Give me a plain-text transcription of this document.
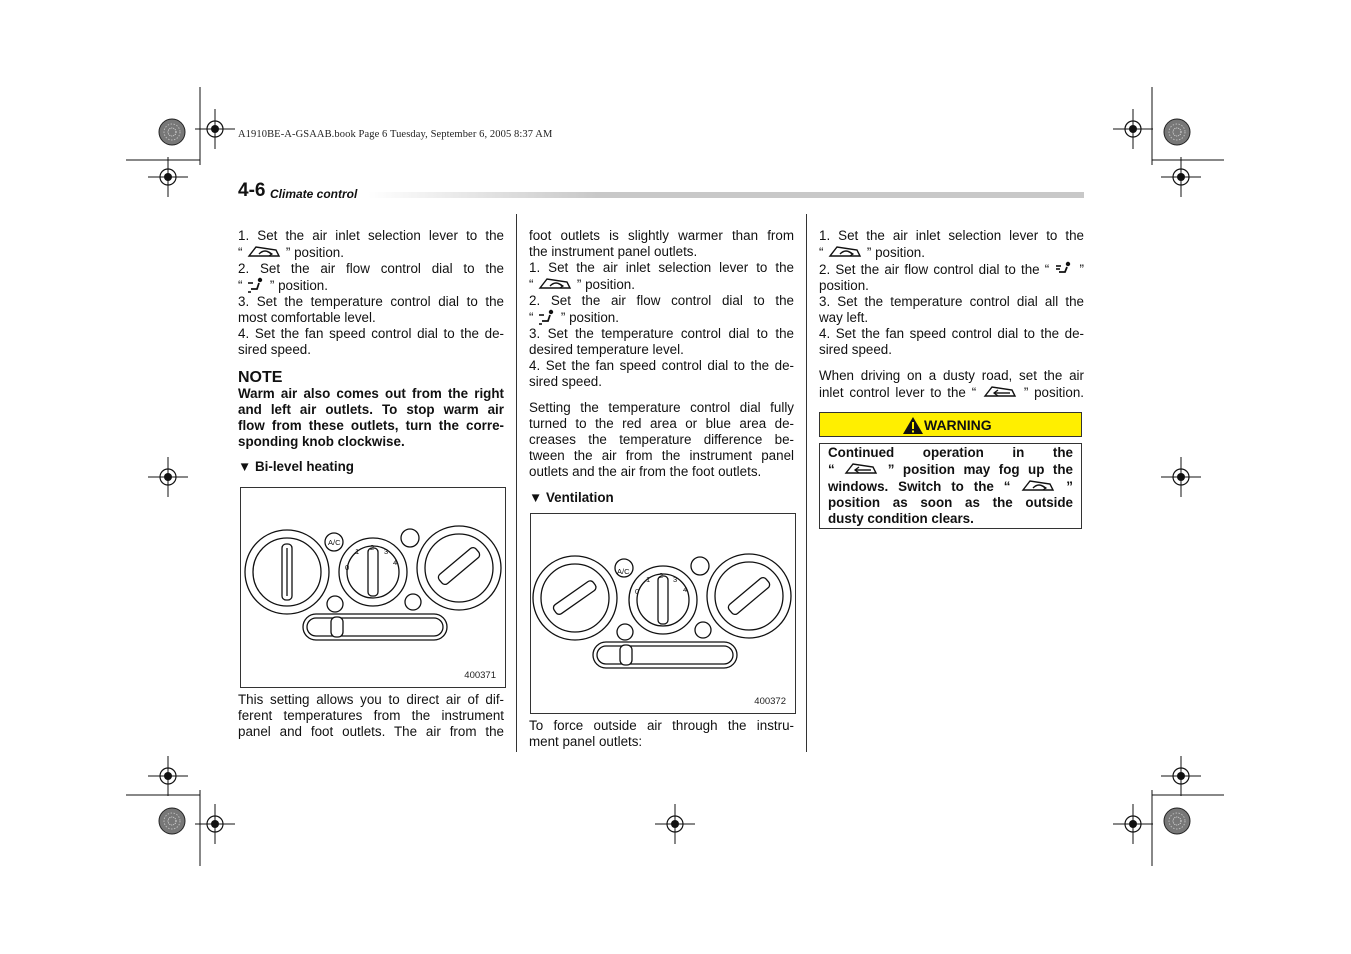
A1910BE-A-GSAAB.book Page 6 Tuesday, September 6, 2005 8:37 AM
4-6 Climate control

1. Set the air inlet selection lever to the

“	” position.

2. Set the air flow control dial to the

“  ” position.

3. Set the temperature control dial to the

most comfortable level.

4. Set the fan speed control dial to the de-

sired speed.

NOTE

Warm air also comes out from the right

and left air outlets. To stop warm air

flow from these outlets, turn the corre-

sponding knob clockwise.

▼ Bi-level heating

A/C
0
1 2 3
4
400371

This setting allows you to direct air of dif-

ferent temperatures from the instrument

panel and foot outlets. The air from the

foot outlets is slightly warmer than from

the instrument panel outlets.

1. Set the air inlet selection lever to the

“	” position.

2. Set the air flow control dial to the

“  ” position.

3. Set the temperature control dial to the

desired temperature level.

4. Set the fan speed control dial to the de-

sired speed.

Setting the temperature control dial fully

turned to the red area or blue area de-

creases the temperature difference be-

tween the air from the instrument panel

outlets and the air from the foot outlets.

▼ Ventilation

A/C
0
1 2 3
4
400372

To force outside air through the instru-

ment panel outlets:

1. Set the air inlet selection lever to the

“	” position.

2. Set the air flow control dial to the “  ”

position.

3. Set the temperature control dial all the

way left.

4. Set the fan speed control dial to the de-

sired speed.

When driving on a dusty road, set the air

inlet control lever to the “	” position.

WARNING

Continued operation in the

“	” position may fog up the

windows. Switch to the “	”

position as soon as the outside

dusty condition clears.
